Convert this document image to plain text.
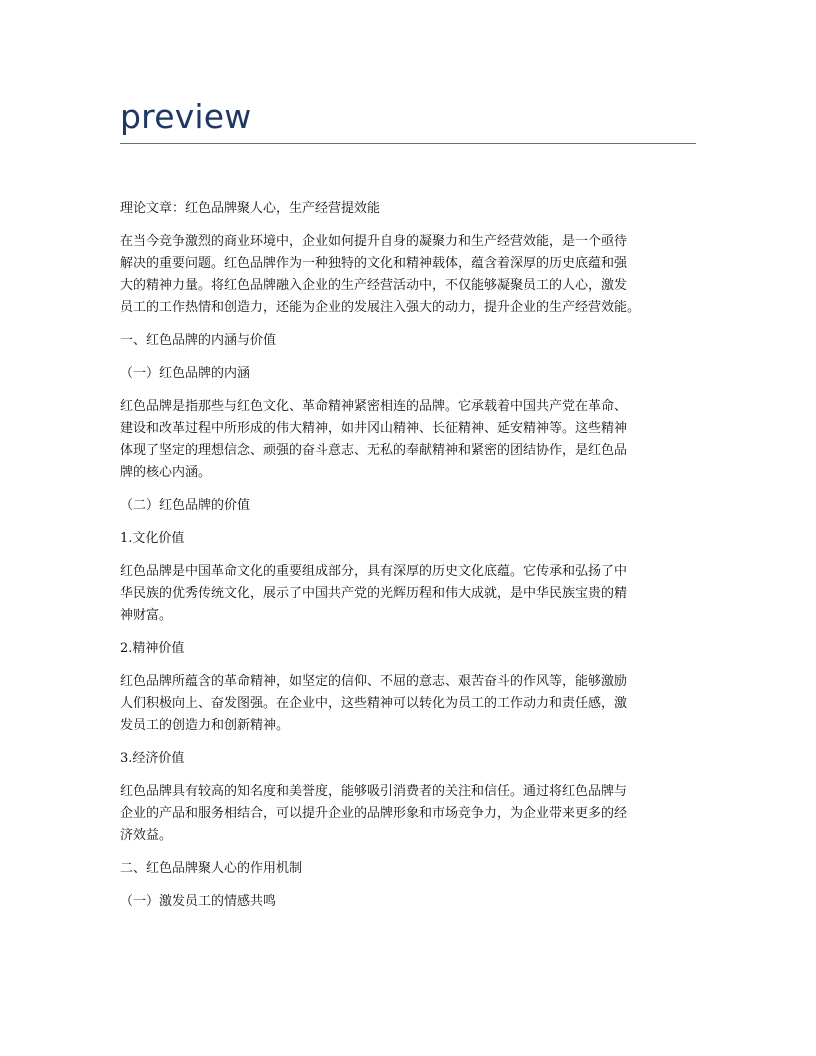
preview

理论文章：红色品牌聚人心，生产经营提效能

在当今竞争激烈的商业环境中，企业如何提升自身的凝聚力和生产经营效能，是一个亟待
解决的重要问题。红色品牌作为一种独特的文化和精神载体，蕴含着深厚的历史底蕴和强
大的精神力量。将红色品牌融入企业的生产经营活动中，不仅能够凝聚员工的人心，激发
员工的工作热情和创造力，还能为企业的发展注入强大的动力，提升企业的生产经营效能。

一、红色品牌的内涵与价值

（一）红色品牌的内涵

红色品牌是指那些与红色文化、革命精神紧密相连的品牌。它承载着中国共产党在革命、
建设和改革过程中所形成的伟大精神，如井冈山精神、长征精神、延安精神等。这些精神
体现了坚定的理想信念、顽强的奋斗意志、无私的奉献精神和紧密的团结协作，是红色品
牌的核心内涵。

（二）红色品牌的价值

1.文化价值

红色品牌是中国革命文化的重要组成部分，具有深厚的历史文化底蕴。它传承和弘扬了中
华民族的优秀传统文化，展示了中国共产党的光辉历程和伟大成就，是中华民族宝贵的精
神财富。

2.精神价值

红色品牌所蕴含的革命精神，如坚定的信仰、不屈的意志、艰苦奋斗的作风等，能够激励
人们积极向上、奋发图强。在企业中，这些精神可以转化为员工的工作动力和责任感，激
发员工的创造力和创新精神。

3.经济价值

红色品牌具有较高的知名度和美誉度，能够吸引消费者的关注和信任。通过将红色品牌与
企业的产品和服务相结合，可以提升企业的品牌形象和市场竞争力，为企业带来更多的经
济效益。

二、红色品牌聚人心的作用机制

（一）激发员工的情感共鸣
